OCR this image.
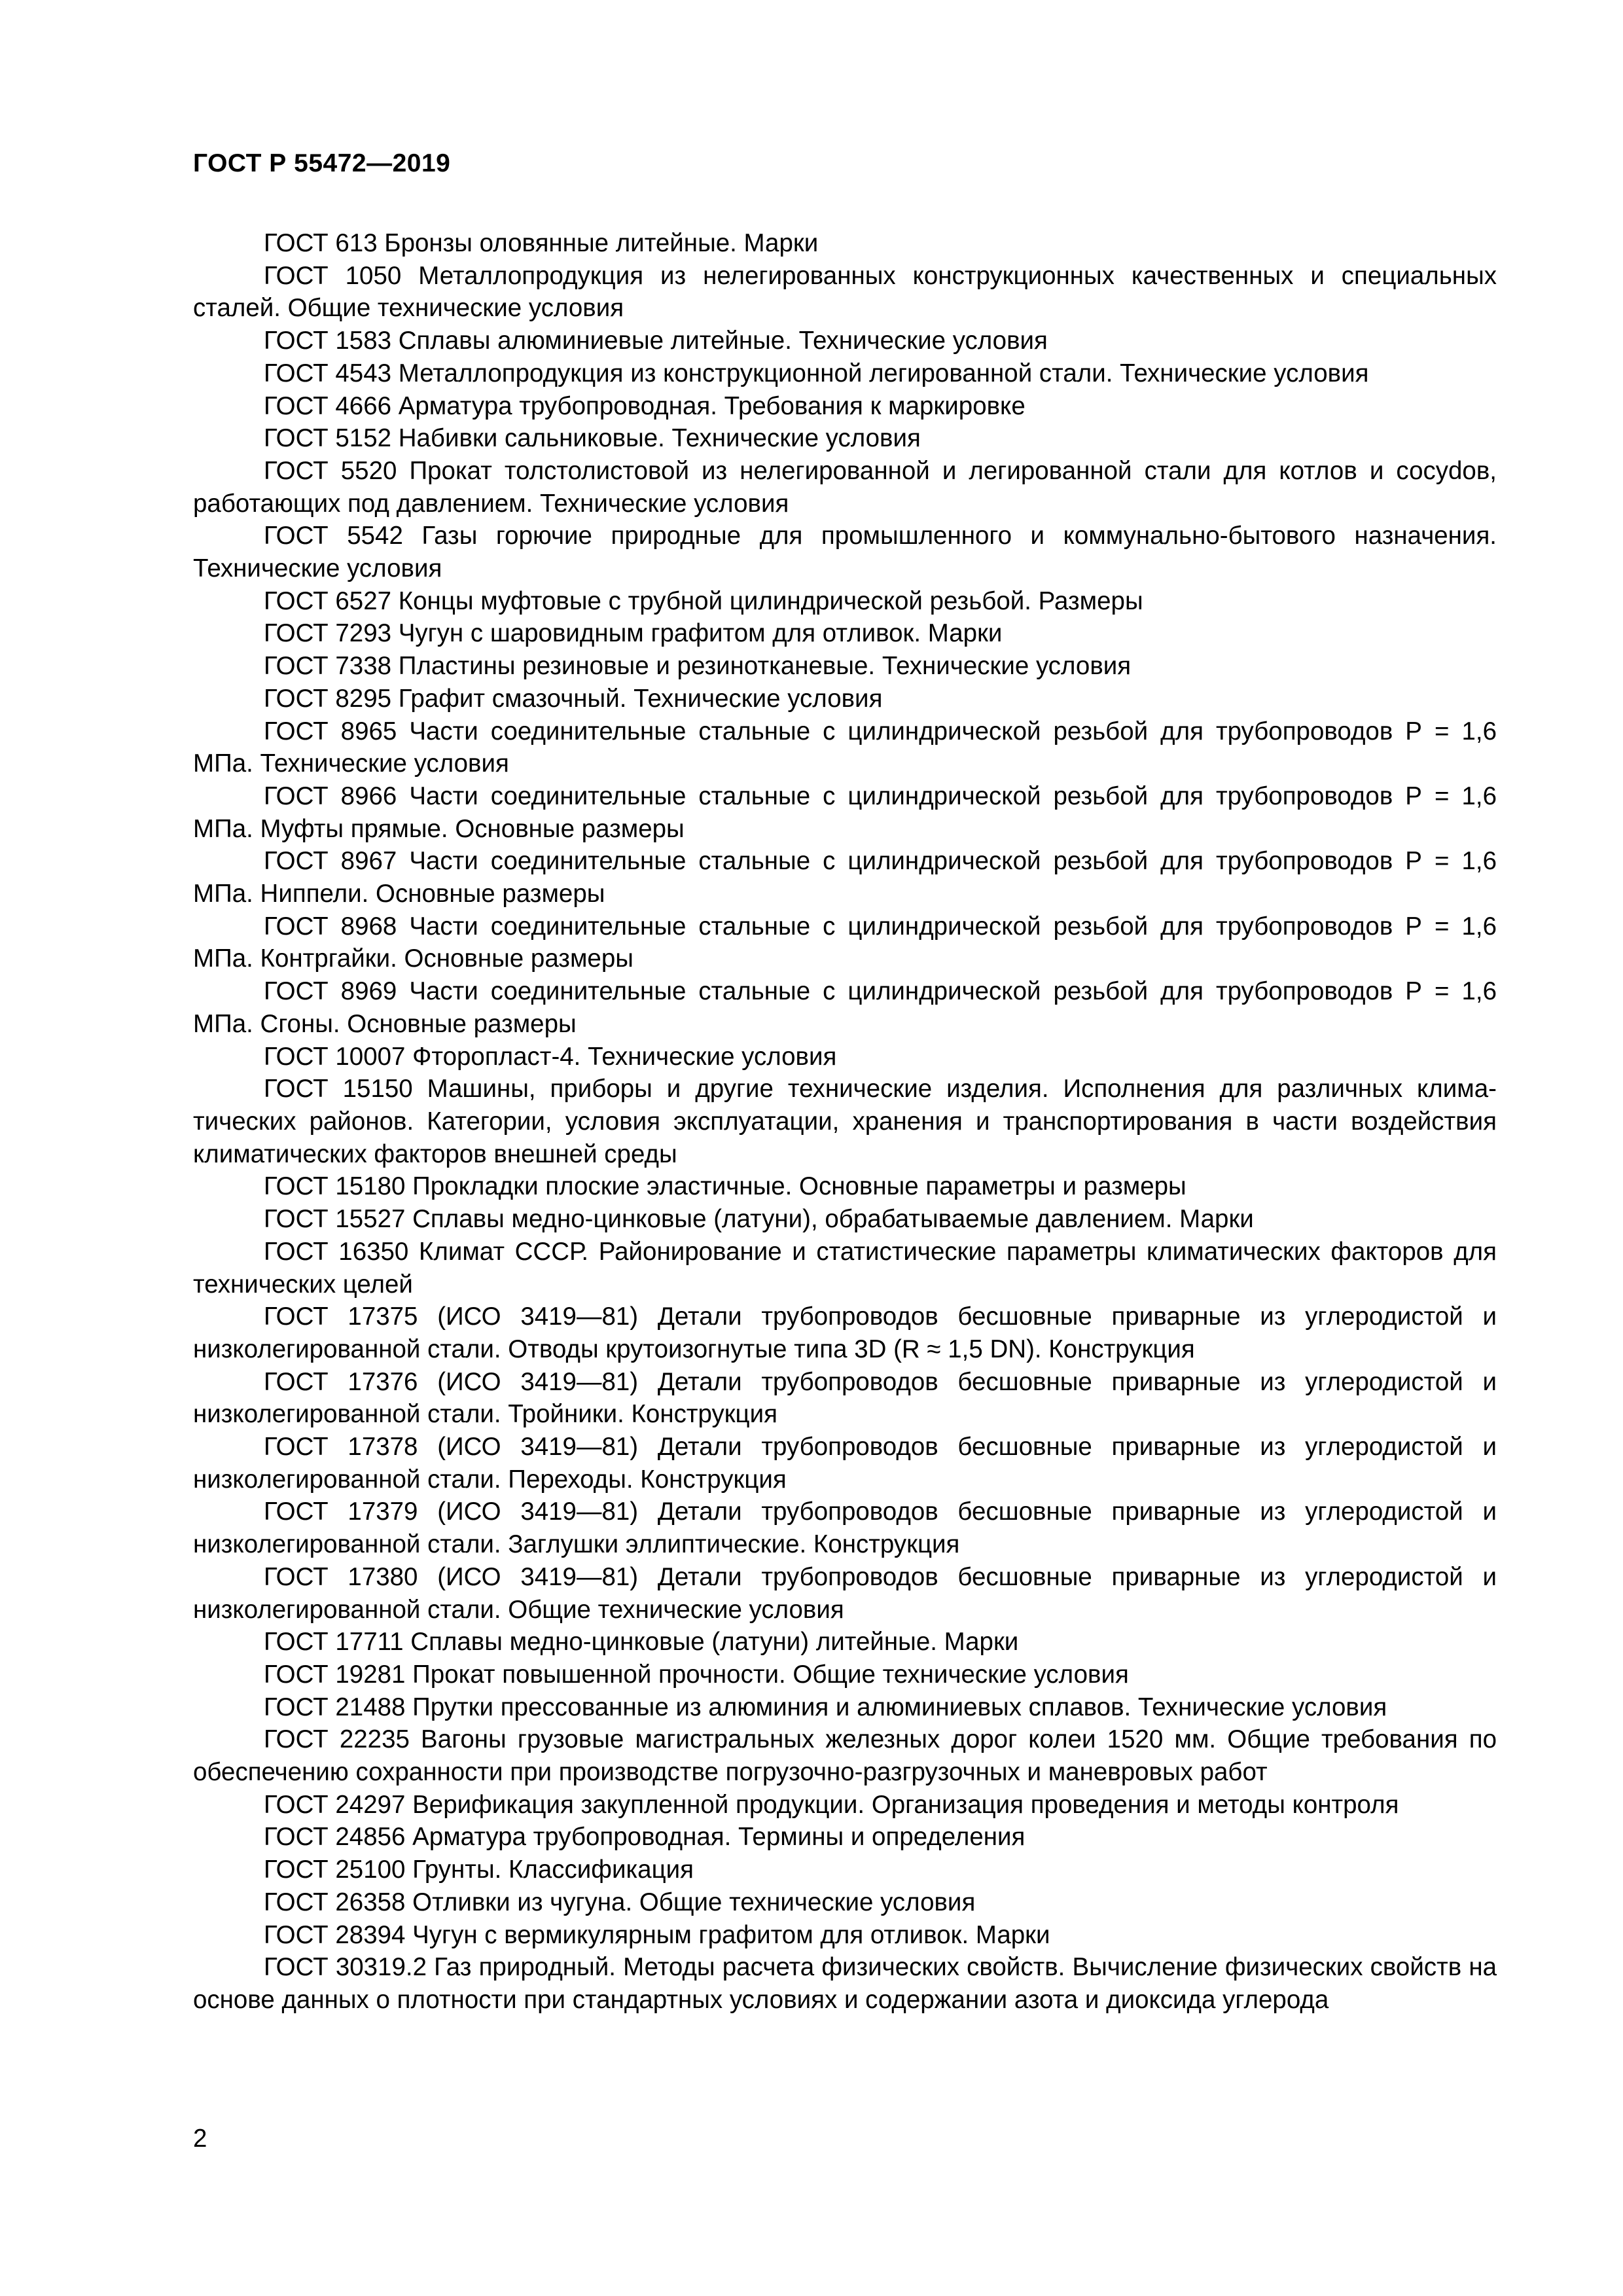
ГОСТ Р 55472—2019

ГОСТ 613 Бронзы оловянные литейные. Марки

ГОСТ 1050 Металлопродукция из нелегированных конструкционных качественных и специальных сталей. Общие технические условия

ГОСТ 1583 Сплавы алюминиевые литейные. Технические условия

ГОСТ 4543 Металлопродукция из конструкционной легированной стали. Технические условия

ГОСТ 4666 Арматура трубопроводная. Требования к маркировке

ГОСТ 5152 Набивки сальниковые. Технические условия

ГОСТ 5520 Прокат толстолистовой из нелегированной и легированной стали для котлов и сосуdов, работающих под давлением. Технические условия

ГОСТ 5542 Газы горючие природные для промышленного и коммунально-бытового назначения. Технические условия

ГОСТ 6527 Концы муфтовые с трубной цилиндрической резьбой. Размеры

ГОСТ 7293 Чугун с шаровидным графитом для отливок. Марки

ГОСТ 7338 Пластины резиновые и резинотканевые. Технические условия

ГОСТ 8295 Графит смазочный. Технические условия

ГОСТ 8965 Части соединительные стальные с цилиндрической резьбой для трубопроводов Р = 1,6 МПа. Технические условия

ГОСТ 8966 Части соединительные стальные с цилиндрической резьбой для трубопроводов Р = 1,6 МПа. Муфты прямые. Основные размеры

ГОСТ 8967 Части соединительные стальные с цилиндрической резьбой для трубопроводов Р = 1,6 МПа. Ниппели. Основные размеры

ГОСТ 8968 Части соединительные стальные с цилиндрической резьбой для трубопроводов Р = 1,6 МПа. Контргайки. Основные размеры

ГОСТ 8969 Части соединительные стальные с цилиндрической резьбой для трубопроводов Р = 1,6 МПа. Сгоны. Основные размеры

ГОСТ 10007 Фторопласт-4. Технические условия

ГОСТ 15150 Машины, приборы и другие технические изделия. Исполнения для различных климатических районов. Категории, условия эксплуатации, хранения и транспортирования в части воздействия климатических факторов внешней среды

ГОСТ 15180 Прокладки плоские эластичные. Основные параметры и размеры

ГОСТ 15527 Сплавы медно-цинковые (латуни), обрабатываемые давлением. Марки

ГОСТ 16350 Климат СССР. Районирование и статистические параметры климатических факторов для технических целей

ГОСТ 17375 (ИСО 3419—81) Детали трубопроводов бесшовные приварные из углеродистой и низколегированной стали. Отводы крутоизогнутые типа 3D (R ≈ 1,5 DN). Конструкция

ГОСТ 17376 (ИСО 3419—81) Детали трубопроводов бесшовные приварные из углеродистой и низколегированной стали. Тройники. Конструкция

ГОСТ 17378 (ИСО 3419—81) Детали трубопроводов бесшовные приварные из углеродистой и низколегированной стали. Переходы. Конструкция

ГОСТ 17379 (ИСО 3419—81) Детали трубопроводов бесшовные приварные из углеродистой и низколегированной стали. Заглушки эллиптические. Конструкция

ГОСТ 17380 (ИСО 3419—81) Детали трубопроводов бесшовные приварные из углеродистой и низколегированной стали. Общие технические условия

ГОСТ 17711 Сплавы медно-цинковые (латуни) литейные. Марки

ГОСТ 19281 Прокат повышенной прочности. Общие технические условия

ГОСТ 21488 Прутки прессованные из алюминия и алюминиевых сплавов. Технические условия

ГОСТ 22235 Вагоны грузовые магистральных железных дорог колеи 1520 мм. Общие требования по обеспечению сохранности при производстве погрузочно-разгрузочных и маневровых работ

ГОСТ 24297 Верификация закупленной продукции. Организация проведения и методы контроля

ГОСТ 24856 Арматура трубопроводная. Термины и определения

ГОСТ 25100 Грунты. Классификация

ГОСТ 26358 Отливки из чугуна. Общие технические условия

ГОСТ 28394 Чугун с вермикулярным графитом для отливок. Марки

ГОСТ 30319.2 Газ природный. Методы расчета физических свойств. Вычисление физических свойств на основе данных о плотности при стандартных условиях и содержании азота и диоксида углерода

2
